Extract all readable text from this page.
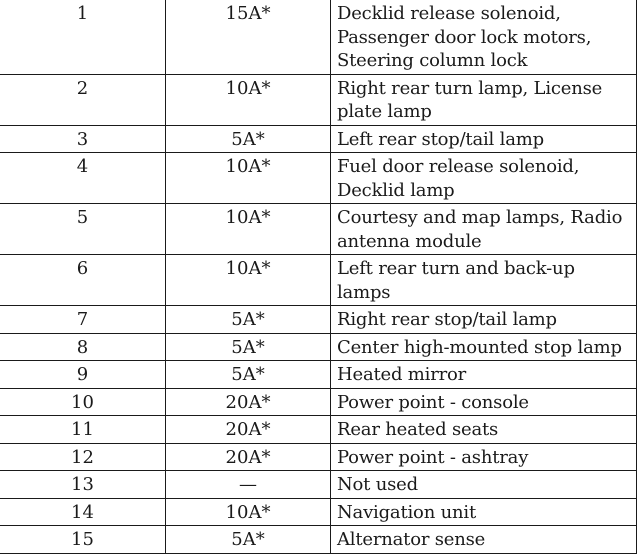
1	15A*	Decklid release solenoid,
Passenger door lock motors,
Steering column lock
2	10A*	Right rear turn lamp, License
plate lamp
3	5A*	Left rear stop/tail lamp
4	10A*	Fuel door release solenoid,
Decklid lamp
5	10A*	Courtesy and map lamps, Radio
antenna module
6	10A*	Left rear turn and back-up lamps
7	5A*	Right rear stop/tail lamp
8	5A*	Center high-mounted stop lamp
9	5A*	Heated mirror
10	20A*	Power point - console
11	20A*	Rear heated seats
12	20A*	Power point - ashtray
13	—	Not used
14	10A*	Navigation unit
15	5A*	Alternator sense
